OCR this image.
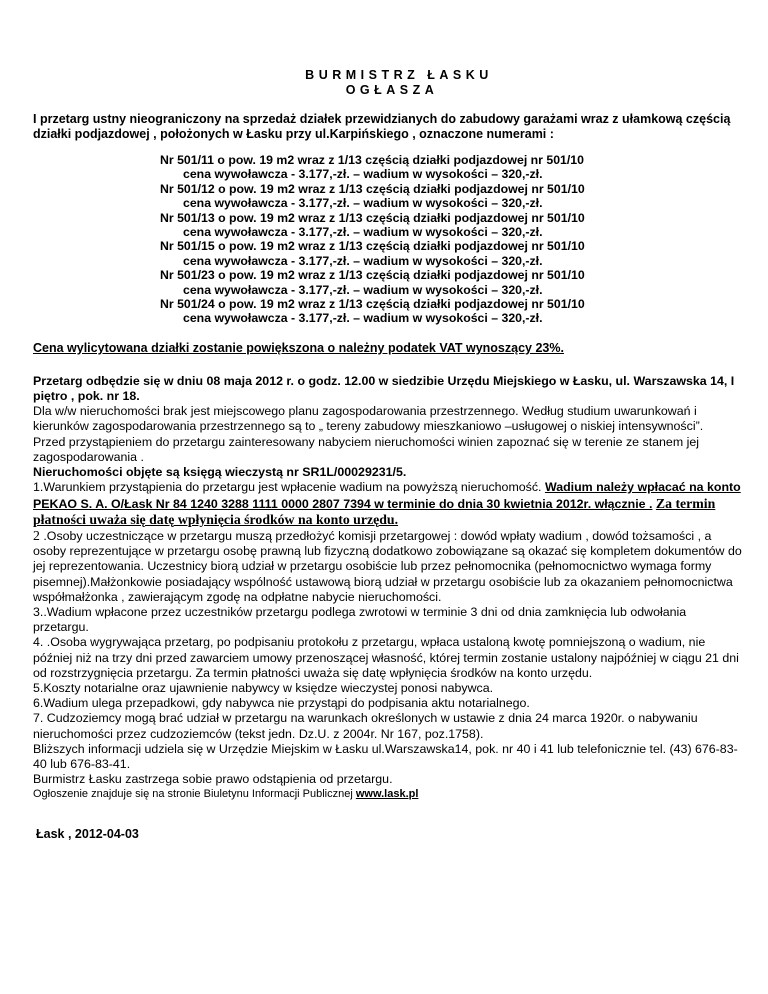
BURMISTRZ ŁASKU
OGŁASZA
I przetarg ustny nieograniczony na sprzedaż działek przewidzianych do zabudowy garażami wraz z ułamkową częścią działki podjazdowej , położonych w Łasku przy ul.Karpińskiego , oznaczone numerami :
Nr 501/11 o pow. 19 m2 wraz z 1/13 częścią działki podjazdowej nr 501/10
cena wywoławcza - 3.177,-zł. – wadium w wysokości – 320,-zł.
Nr 501/12 o pow. 19 m2 wraz z 1/13 częścią działki podjazdowej nr 501/10
cena wywoławcza - 3.177,-zł. – wadium w wysokości – 320,-zł.
Nr 501/13 o pow. 19 m2 wraz z 1/13 częścią działki podjazdowej nr 501/10
cena wywoławcza - 3.177,-zł. – wadium w wysokości – 320,-zł.
Nr 501/15 o pow. 19 m2 wraz z 1/13 częścią działki podjazdowej nr 501/10
cena wywoławcza - 3.177,-zł. – wadium w wysokości – 320,-zł.
Nr 501/23 o pow. 19 m2 wraz z 1/13 częścią działki podjazdowej nr 501/10
cena wywoławcza - 3.177,-zł. – wadium w wysokości – 320,-zł.
Nr 501/24 o pow. 19 m2 wraz z 1/13 częścią działki podjazdowej nr 501/10
cena wywoławcza - 3.177,-zł. – wadium w wysokości – 320,-zł.
Cena wylicytowana działki zostanie powiększona o należny podatek VAT wynoszący 23%.
Przetarg odbędzie się w dniu 08 maja 2012 r. o godz. 12.00 w siedzibie Urzędu Miejskiego w Łasku, ul. Warszawska 14, I piętro , pok. nr 18.
Dla w/w nieruchomości brak jest miejscowego planu zagospodarowania przestrzennego. Według studium uwarunkowań i kierunków zagospodarowania przestrzennego są to „ tereny zabudowy mieszkaniowo –usługowej o niskiej intensywności”.
Przed przystąpieniem do przetargu zainteresowany nabyciem nieruchomości winien zapoznać się w terenie ze stanem jej zagospodarowania .
Nieruchomości objęte są księgą wieczystą nr SR1L/00029231/5.
1.Warunkiem przystąpienia do przetargu jest wpłacenie wadium na powyższą nieruchomość. Wadium należy wpłacać na konto PEKAO S. A. O/Łask Nr 84 1240 3288 1111 0000 2807 7394 w terminie do dnia 30 kwietnia 2012r. włącznie . Za termin płatności uważa się datę wpłynięcia środków na konto urzędu.
2 .Osoby uczestniczące w przetargu muszą przedłożyć komisji przetargowej : dowód wpłaty wadium , dowód tożsamości , a osoby reprezentujące w przetargu osobę prawną lub fizyczną dodatkowo zobowiązane są okazać się kompletem dokumentów do jej reprezentowania. Uczestnicy biorą udział w przetargu osobiście lub przez pełnomocnika (pełnomocnictwo wymaga formy pisemnej).Małżonkowie posiadający wspólność ustawową biorą udział w przetargu osobiście lub za okazaniem pełnomocnictwa współmałżonka , zawierającym zgodę na odpłatne nabycie nieruchomości.
3..Wadium wpłacone przez uczestników przetargu podlega zwrotowi w terminie 3 dni od dnia zamknięcia lub odwołania przetargu.
4. .Osoba wygrywająca przetarg, po podpisaniu protokołu z przetargu, wpłaca ustaloną kwotę pomniejszoną o wadium, nie później niż na trzy dni przed zawarciem umowy przenoszącej własność, której termin zostanie ustalony najpóźniej w ciągu 21 dni od rozstrzygnięcia przetargu. Za termin płatności uważa się datę wpłynięcia środków na konto urzędu.
5.Koszty notarialne oraz ujawnienie nabywcy w księdze wieczystej ponosi nabywca.
6.Wadium ulega przepadkowi, gdy nabywca nie przystąpi do podpisania aktu notarialnego.
7. Cudzoziemcy mogą brać udział w przetargu na warunkach określonych w ustawie z dnia 24 marca 1920r. o nabywaniu nieruchomości przez cudzoziemców (tekst jedn. Dz.U. z 2004r. Nr 167, poz.1758).
Bliższych informacji udziela się w Urzędzie Miejskim w Łasku ul.Warszawska14, pok. nr 40 i 41 lub telefonicznie tel. (43) 676-83-40 lub 676-83-41.
Burmistrz Łasku zastrzega sobie prawo odstąpienia od przetargu.
Ogłoszenie znajduje się na stronie Biuletynu Informacji Publicznej www.lask.pl
Łask , 2012-04-03
